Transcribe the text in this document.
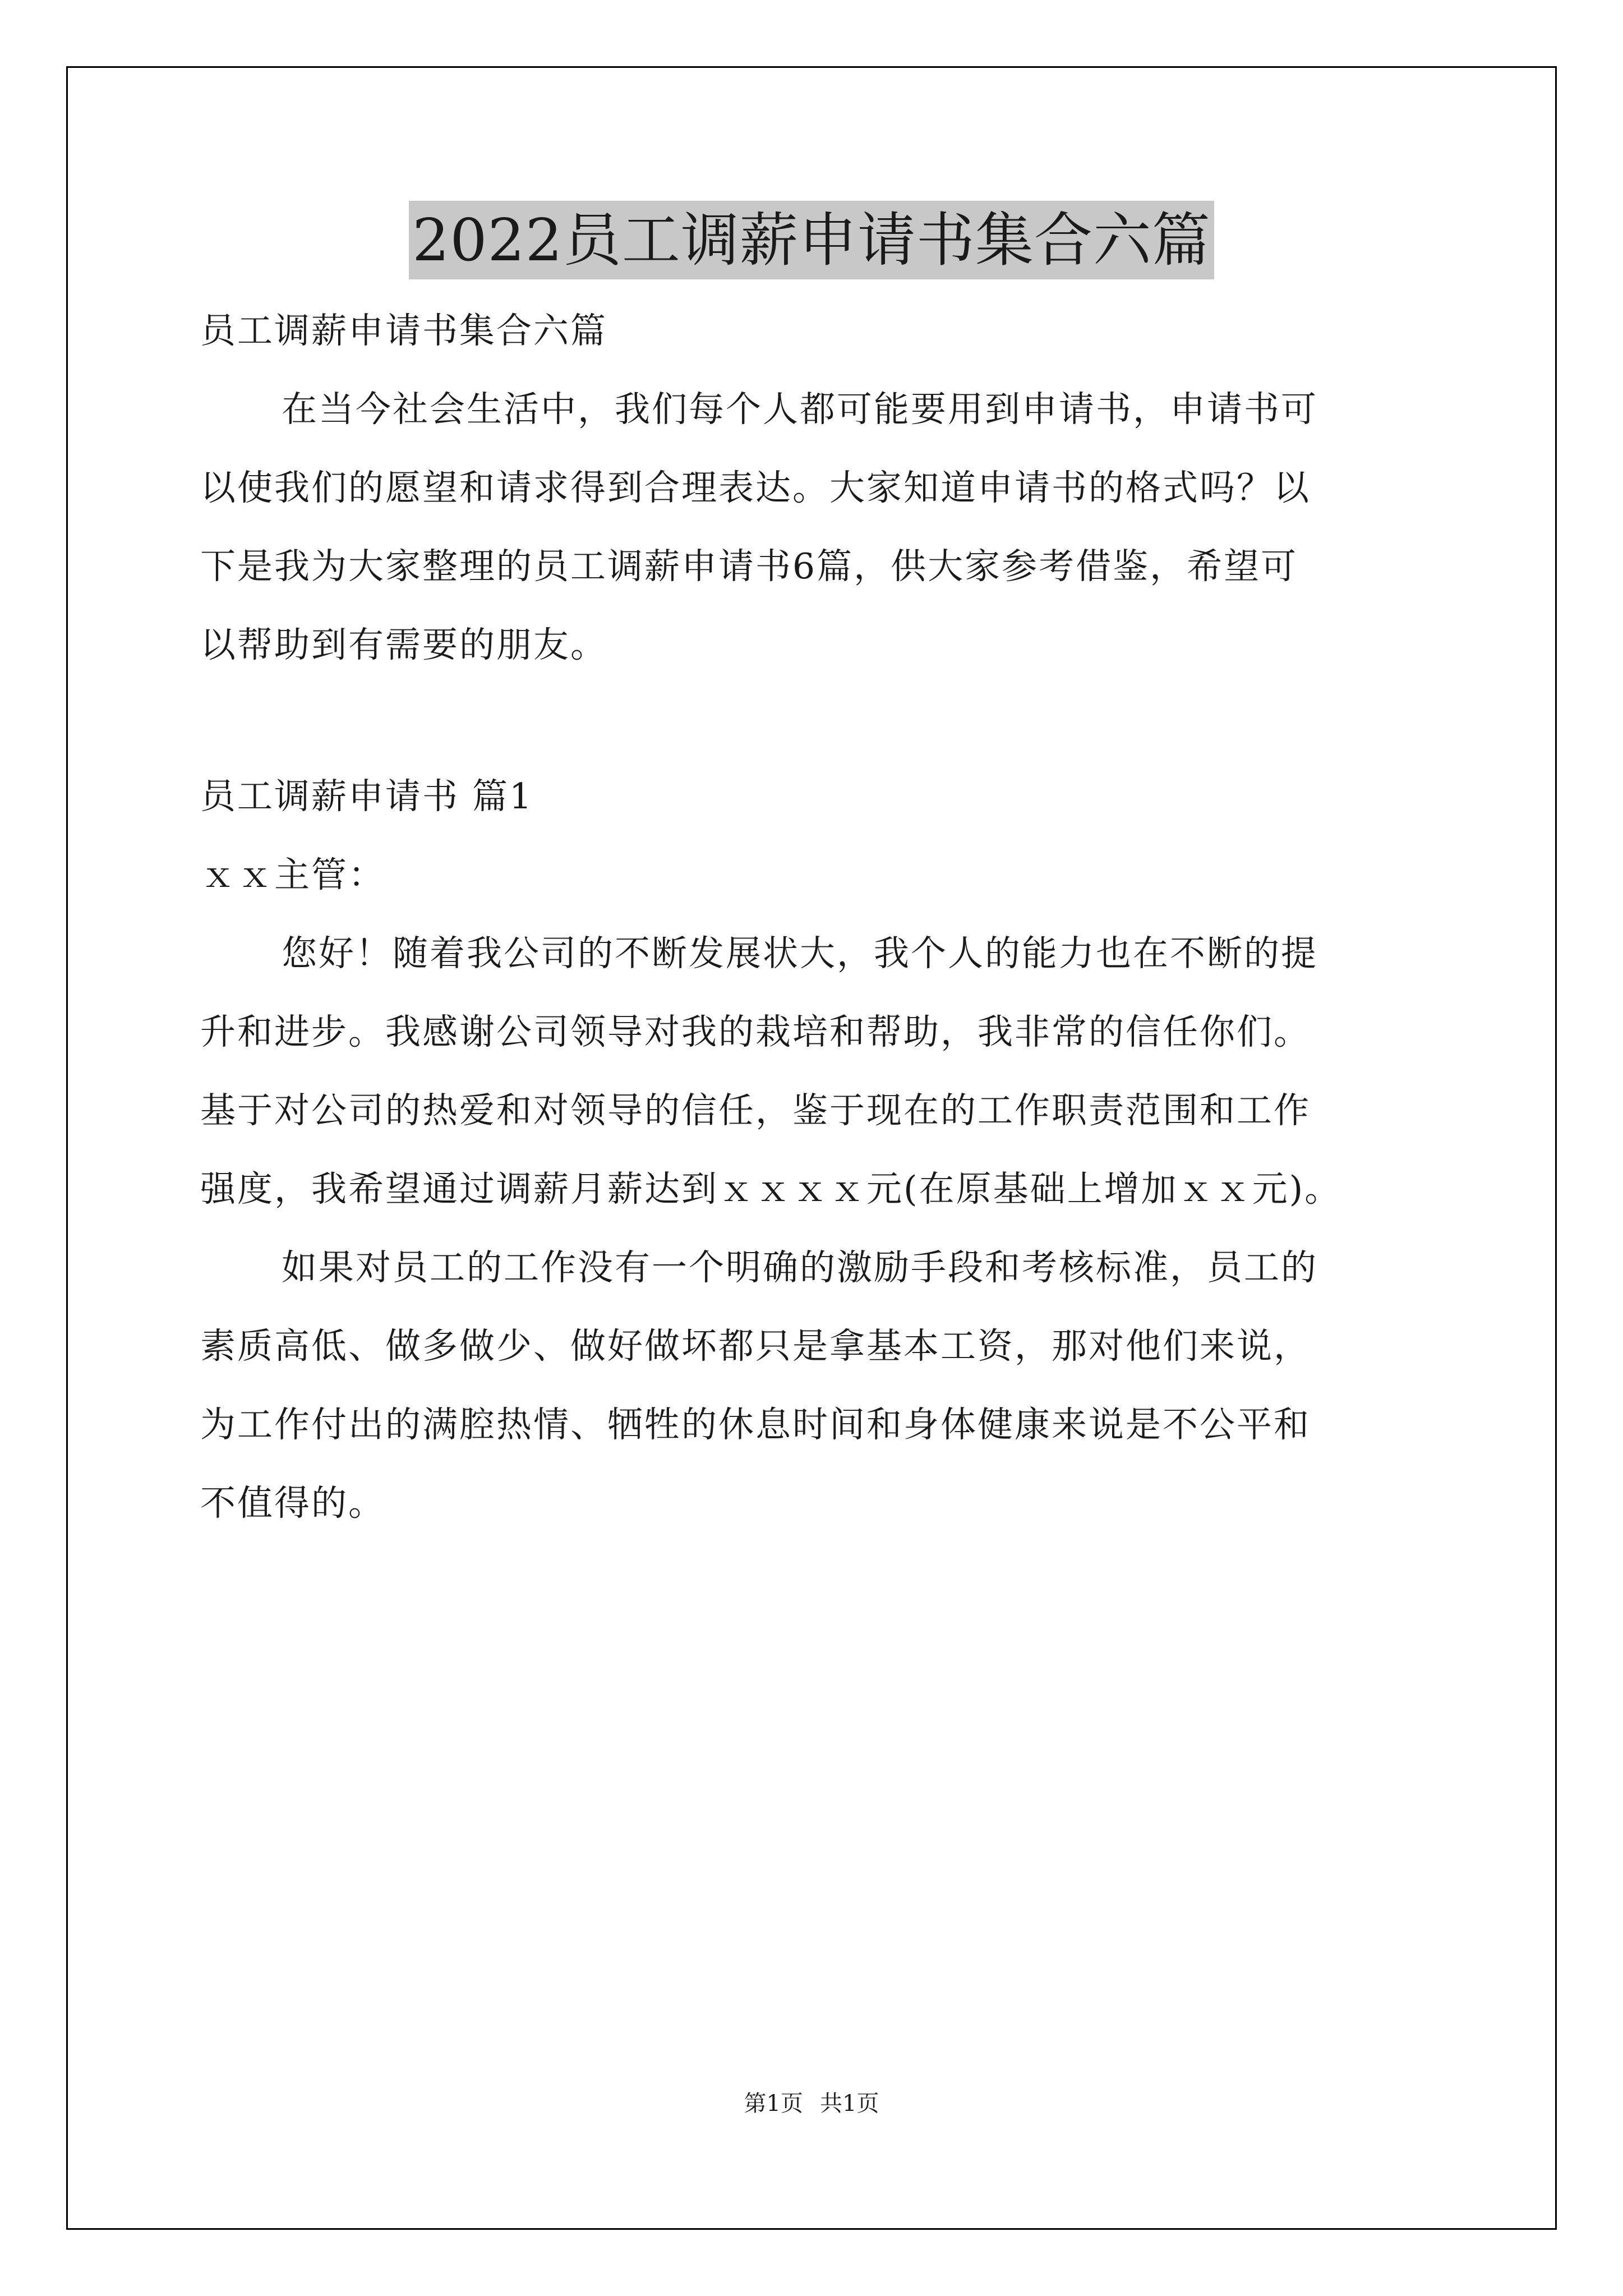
2022员工调薪申请书集合六篇
员工调薪申请书集合六篇
在当今社会生活中，我们每个人都可能要用到申请书，申请书可
以使我们的愿望和请求得到合理表达。大家知道申请书的格式吗？以
下是我为大家整理的员工调薪申请书6篇，供大家参考借鉴，希望可
以帮助到有需要的朋友。
员工调薪申请书 篇1
ｘｘ主管：
您好！随着我公司的不断发展状大，我个人的能力也在不断的提
升和进步。我感谢公司领导对我的栽培和帮助，我非常的信任你们。
基于对公司的热爱和对领导的信任，鉴于现在的工作职责范围和工作
强度，我希望通过调薪月薪达到ｘｘｘｘ元(在原基础上增加ｘｘ元)。
如果对员工的工作没有一个明确的激励手段和考核标准，员工的
素质高低、做多做少、做好做坏都只是拿基本工资，那对他们来说，
为工作付出的满腔热情、牺牲的休息时间和身体健康来说是不公平和
不值得的。
第1页 共1页
